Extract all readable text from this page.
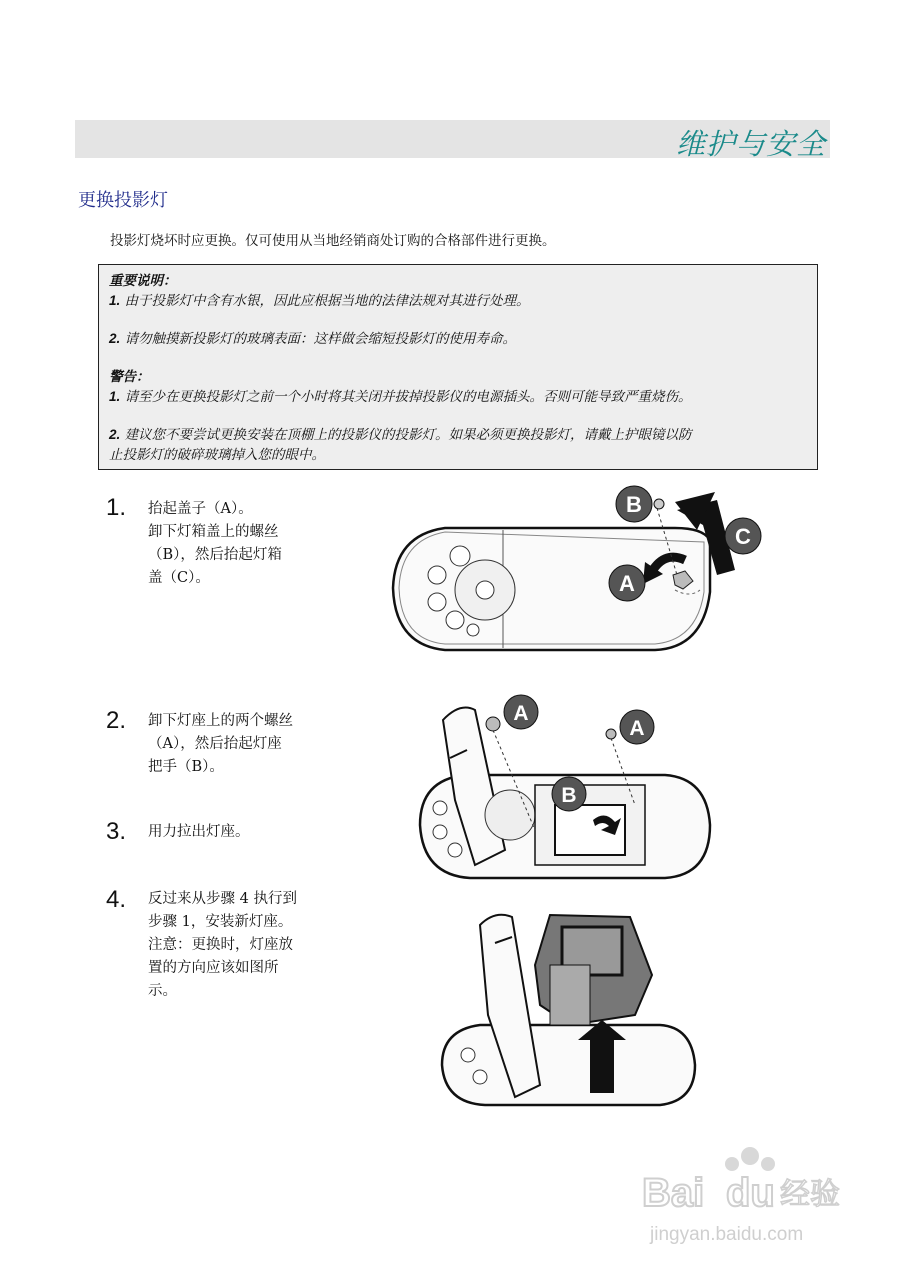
维护与安全
更换投影灯
投影灯烧坏时应更换。仅可使用从当地经销商处订购的合格部件进行更换。

重要说明：

1. 由于投影灯中含有水银，因此应根据当地的法律法规对其进行处理。

2. 请勿触摸新投影灯的玻璃表面：这样做会缩短投影灯的使用寿命。

警告：

1. 请至少在更换投影灯之前一个小时将其关闭并拔掉投影仪的电源插头。否则可能导致严重烧伤。

2. 建议您不要尝试更换安装在顶棚上的投影仪的投影灯。如果必须更换投影灯，请戴上护眼镜以防

止投影灯的破碎玻璃掉入您的眼中。

1. 抬起盖子（A）。

卸下灯箱盖上的螺丝

（B），然后抬起灯箱

盖（C）。

2. 卸下灯座上的两个螺丝

（A），然后抬起灯座

把手（B）。

3. 用力拉出灯座。

4. 反过来从步骤 4 执行到

步骤 1，安装新灯座。

注意：更换时，灯座放

置的方向应该如图所

示。

B
A
C
A
A
B
Bai du 经验
jingyan.baidu.com
